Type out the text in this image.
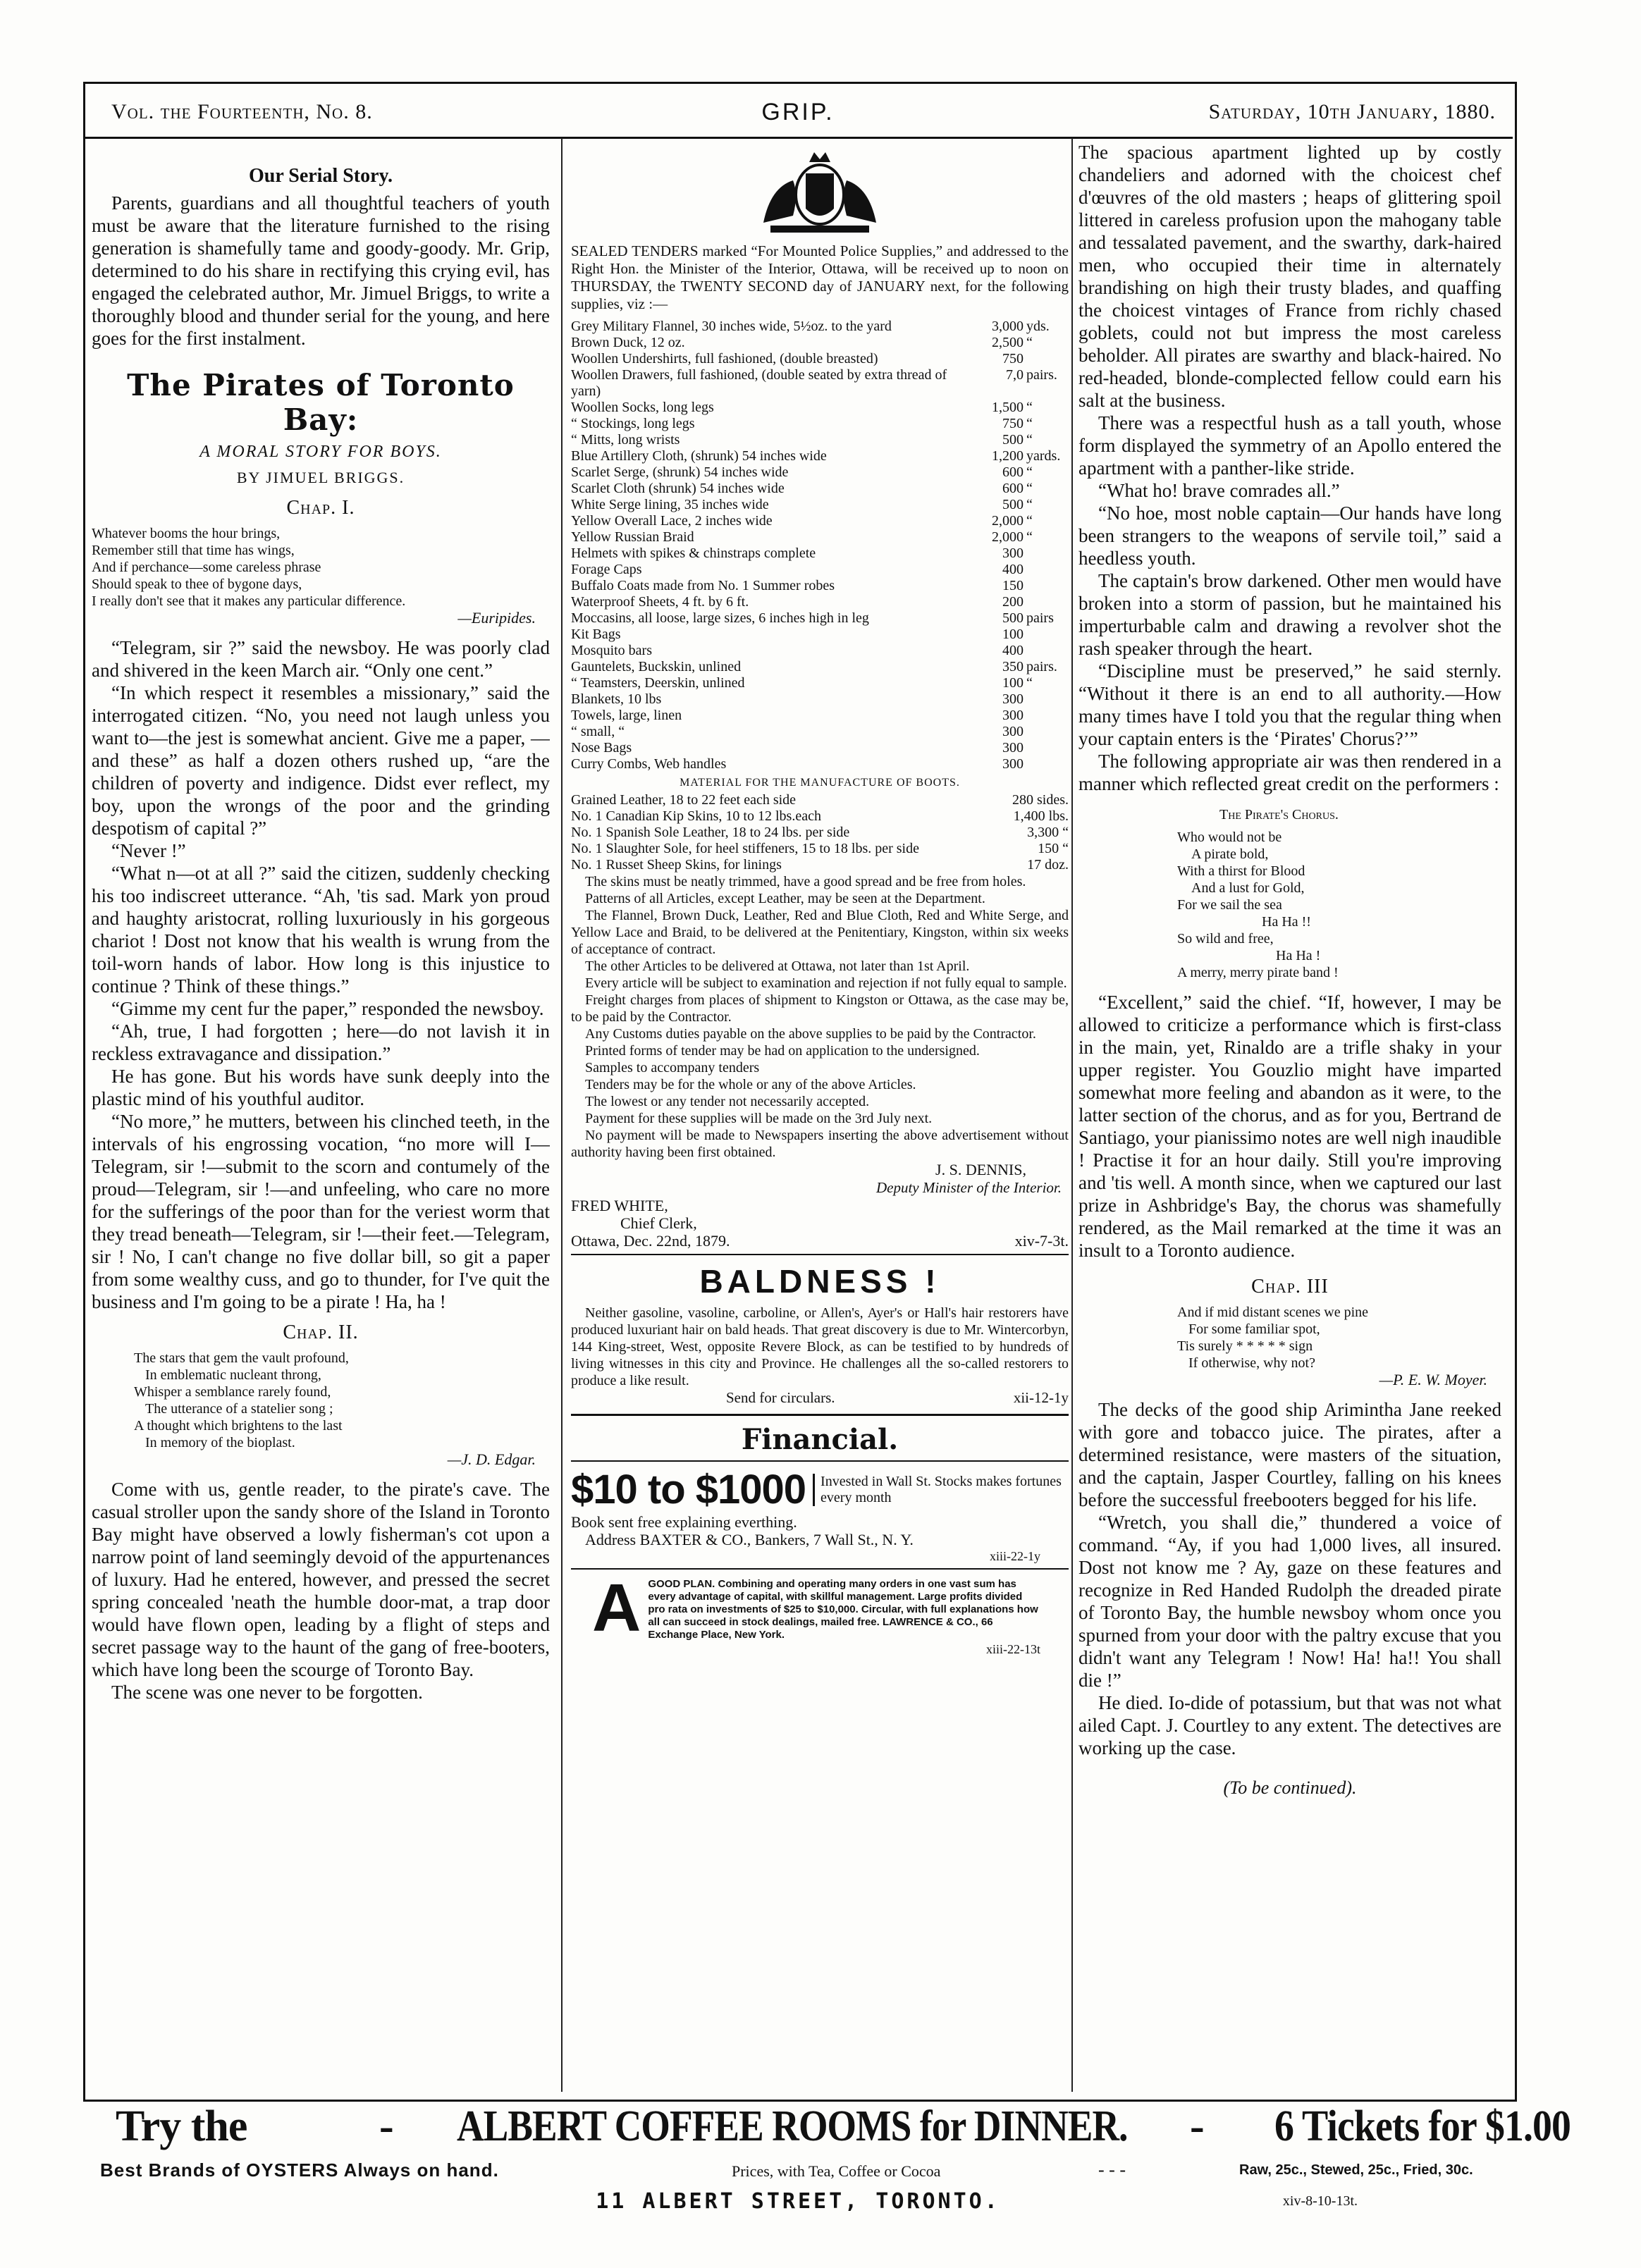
Vol. the Fourteenth, No. 8.	GRIP.	Saturday, 10th January, 1880.
Our Serial Story.

Parents, guardians and all thoughtful teachers of youth must be aware that the literature furnished to the rising generation is shamefully tame and goody-goody. Mr. Grip, determined to do his share in rectifying this crying evil, has engaged the celebrated author, Mr. Jimuel Briggs, to write a thoroughly blood and thunder serial for the young, and here goes for the first instalment.

The Pirates of Toronto Bay:
A MORAL STORY FOR BOYS.
BY JIMUEL BRIGGS.
Chap. I.
Whatever booms the hour brings,
Remember still that time has wings,
And if perchance—some careless phrase
Should speak to thee of bygone days,
I really don't see that it makes any particular difference.
—Euripides.

“Telegram, sir ?” said the newsboy. He was poorly clad and shivered in the keen March air. “Only one cent.”

“In which respect it resembles a missionary,” said the interrogated citizen. “No, you need not laugh unless you want to—the jest is somewhat ancient. Give me a paper, —and these” as half a dozen others rushed up, “are the children of poverty and indigence. Didst ever reflect, my boy, upon the wrongs of the poor and the grinding despotism of capital ?”

“Never !”

“What n—ot at all ?” said the citizen, suddenly checking his too indiscreet utterance. “Ah, 'tis sad. Mark yon proud and haughty aristocrat, rolling luxuriously in his gorgeous chariot ! Dost not know that his wealth is wrung from the toil-worn hands of labor. How long is this injustice to continue ? Think of these things.”

“Gimme my cent fur the paper,” responded the newsboy.

“Ah, true, I had forgotten ; here—do not lavish it in reckless extravagance and dissipation.”

He has gone. But his words have sunk deeply into the plastic mind of his youthful auditor.

“No more,” he mutters, between his clinched teeth, in the intervals of his engrossing vocation, “no more will I—Telegram, sir !—submit to the scorn and contumely of the proud—Telegram, sir !—and unfeeling, who care no more for the sufferings of the poor than for the veriest worm that they tread beneath—Telegram, sir !—their feet.—Telegram, sir ! No, I can't change no five dollar bill, so git a paper from some wealthy cuss, and go to thunder, for I've quit the business and I'm going to be a pirate ! Ha, ha !

Chap. II.
The stars that gem the vault profound,
In emblematic nucleant throng,
Whisper a semblance rarely found,
The utterance of a statelier song ;
A thought which brightens to the last
In memory of the bioplast.
—J. D. Edgar.

Come with us, gentle reader, to the pirate's cave. The casual stroller upon the sandy shore of the Island in Toronto Bay might have observed a lowly fisherman's cot upon a narrow point of land seemingly devoid of the appurtenances of luxury. Had he entered, however, and pressed the secret spring concealed 'neath the humble door-mat, a trap door would have flown open, leading by a flight of steps and secret passage way to the haunt of the gang of free-booters, which have long been the scourge of Toronto Bay.

The scene was one never to be forgotten.

SEALED TENDERS marked “For Mounted Police Supplies,” and addressed to the Right Hon. the Minister of the Interior, Ottawa, will be received up to noon on THURSDAY, the TWENTY SECOND day of JANUARY next, for the following supplies, viz :—

Grey Military Flannel, 30 inches wide, 5½oz. to the yard	3,000	yds.
Brown Duck, 12 oz.	2,500	“
Woollen Undershirts, full fashioned, (double breasted)	750	
Woollen Drawers, full fashioned, (double seated by extra thread of yarn)	7,0	pairs.
Woollen Socks, long legs	1,500	“
“ Stockings, long legs	750	“
“ Mitts, long wrists	500	“
Blue Artillery Cloth, (shrunk) 54 inches wide	1,200	yards.
Scarlet Serge, (shrunk) 54 inches wide	600	“
Scarlet Cloth (shrunk) 54 inches wide	600	“
White Serge lining, 35 inches wide	500	“
Yellow Overall Lace, 2 inches wide	2,000	“
Yellow Russian Braid	2,000	“
Helmets with spikes & chinstraps complete	300	
Forage Caps	400	
Buffalo Coats made from No. 1 Summer robes	150	
Waterproof Sheets, 4 ft. by 6 ft.	200	
Moccasins, all loose, large sizes, 6 inches high in leg	500	pairs
Kit Bags	100	
Mosquito bars	400	
Gauntelets, Buckskin, unlined	350	pairs.
“ Teamsters, Deerskin, unlined	100	“
Blankets, 10 lbs	300	
Towels, large, linen	300	
“ small, “	300	
Nose Bags	300	
Curry Combs, Web handles	300	
MATERIAL FOR THE MANUFACTURE OF BOOTS.
Grained Leather, 18 to 22 feet each side	280 sides.
No. 1 Canadian Kip Skins, 10 to 12 lbs.each	1,400 lbs.
No. 1 Spanish Sole Leather, 18 to 24 lbs. per side	3,300 “
No. 1 Slaughter Sole, for heel stiffeners, 15 to 18 lbs. per side	150 “
No. 1 Russet Sheep Skins, for linings	17 doz.

The skins must be neatly trimmed, have a good spread and be free from holes.

Patterns of all Articles, except Leather, may be seen at the Department.

The Flannel, Brown Duck, Leather, Red and Blue Cloth, Red and White Serge, and Yellow Lace and Braid, to be delivered at the Penitentiary, Kingston, within six weeks of acceptance of contract.

The other Articles to be delivered at Ottawa, not later than 1st April.

Every article will be subject to examination and rejection if not fully equal to sample.

Freight charges from places of shipment to Kingston or Ottawa, as the case may be, to be paid by the Contractor.

Any Customs duties payable on the above supplies to be paid by the Contractor.

Printed forms of tender may be had on application to the undersigned.

Samples to accompany tenders

Tenders may be for the whole or any of the above Articles.

The lowest or any tender not necessarily accepted.

Payment for these supplies will be made on the 3rd July next.

No payment will be made to Newspapers inserting the above advertisement without authority having been first obtained.

J. S. DENNIS,
Deputy Minister of the Interior.
FRED WHITE,
Chief Clerk,
Ottawa, Dec. 22nd, 1879.	xiv-7-3t.
BALDNESS !

Neither gasoline, vasoline, carboline, or Allen's, Ayer's or Hall's hair restorers have produced luxuriant hair on bald heads. That great discovery is due to Mr. Wintercorbyn, 144 King-street, West, opposite Revere Block, as can be testified to by hundreds of living witnesses in this city and Province. He challenges all the so-called restorers to produce a like result.

Send for circulars.	xii-12-1y
Financial.
$10 to $1000	Invested in Wall St. Stocks makes fortunes every month
Book sent free explaining everthing.
Address BAXTER & CO., Bankers, 7 Wall St., N. Y.
xiii-22-1y
A GOOD PLAN. Combining and operating many orders in one vast sum has every advantage of capital, with skillful management. Large profits divided pro rata on investments of $25 to $10,000. Circular, with full explanations how all can succeed in stock dealings, mailed free. LAWRENCE & CO., 66 Exchange Place, New York.
xiii-22-13t

The spacious apartment lighted up by costly chandeliers and adorned with the choicest chef d'œuvres of the old masters ; heaps of glittering spoil littered in careless profusion upon the mahogany table and tessalated pavement, and the swarthy, dark-haired men, who occupied their time in alternately brandishing on high their trusty blades, and quaffing the choicest vintages of France from richly chased goblets, could not but impress the most careless beholder. All pirates are swarthy and black-haired. No red-headed, blonde-complected fellow could earn his salt at the business.

There was a respectful hush as a tall youth, whose form displayed the symmetry of an Apollo entered the apartment with a panther-like stride.

“What ho! brave comrades all.”

“No hoe, most noble captain—Our hands have long been strangers to the weapons of servile toil,” said a heedless youth.

The captain's brow darkened. Other men would have broken into a storm of passion, but he maintained his imperturbable calm and drawing a revolver shot the rash speaker through the heart.

“Discipline must be preserved,” he said sternly. “Without it there is an end to all authority.—How many times have I told you that the regular thing when your captain enters is the ‘Pirates' Chorus?’”

The following appropriate air was then rendered in a manner which reflected great credit on the performers :

The Pirate's Chorus.
Who would not be
A pirate bold,
With a thirst for Blood
And a lust for Gold,
For we sail the sea
Ha Ha !!
So wild and free,
Ha Ha !
A merry, merry pirate band !

“Excellent,” said the chief. “If, however, I may be allowed to criticize a performance which is first-class in the main, yet, Rinaldo are a trifle shaky in your upper register. You Gouzlio might have imparted somewhat more feeling and abandon as it were, to the latter section of the chorus, and as for you, Bertrand de Santiago, your pianissimo notes are well nigh inaudible ! Practise it for an hour daily. Still you're improving and 'tis well. A month since, when we captured our last prize in Ashbridge's Bay, the chorus was shamefully rendered, as the Mail remarked at the time it was an insult to a Toronto audience.

Chap. III
And if mid distant scenes we pine
For some familiar spot,
Tis surely * * * * * sign
If otherwise, why not?
—P. E. W. Moyer.

The decks of the good ship Arimintha Jane reeked with gore and tobacco juice. The pirates, after a determined resistance, were masters of the situation, and the captain, Jasper Courtley, falling on his knees before the successful freebooters begged for his life.

“Wretch, you shall die,” thundered a voice of command. “Ay, if you had 1,000 lives, all insured. Dost not know me ? Ay, gaze on these features and recognize in Red Handed Rudolph the dreaded pirate of Toronto Bay, the humble newsboy whom once you spurned from your door with the paltry excuse that you didn't want any Telegram ! Now! Ha! ha!! You shall die !”

He died. Io-dide of potassium, but that was not what ailed Capt. J. Courtley to any extent. The detectives are working up the case.

(To be continued).
Try the	- ALBERT COFFEE ROOMS for DINNER. - 6 Tickets for $1.00
Best Brands of OYSTERS Always on hand.	Prices, with Tea, Coffee or Cocoa	- - -	Raw, 25c., Stewed, 25c., Fried, 30c.
11 ALBERT STREET, TORONTO.	xiv-8-10-13t.
